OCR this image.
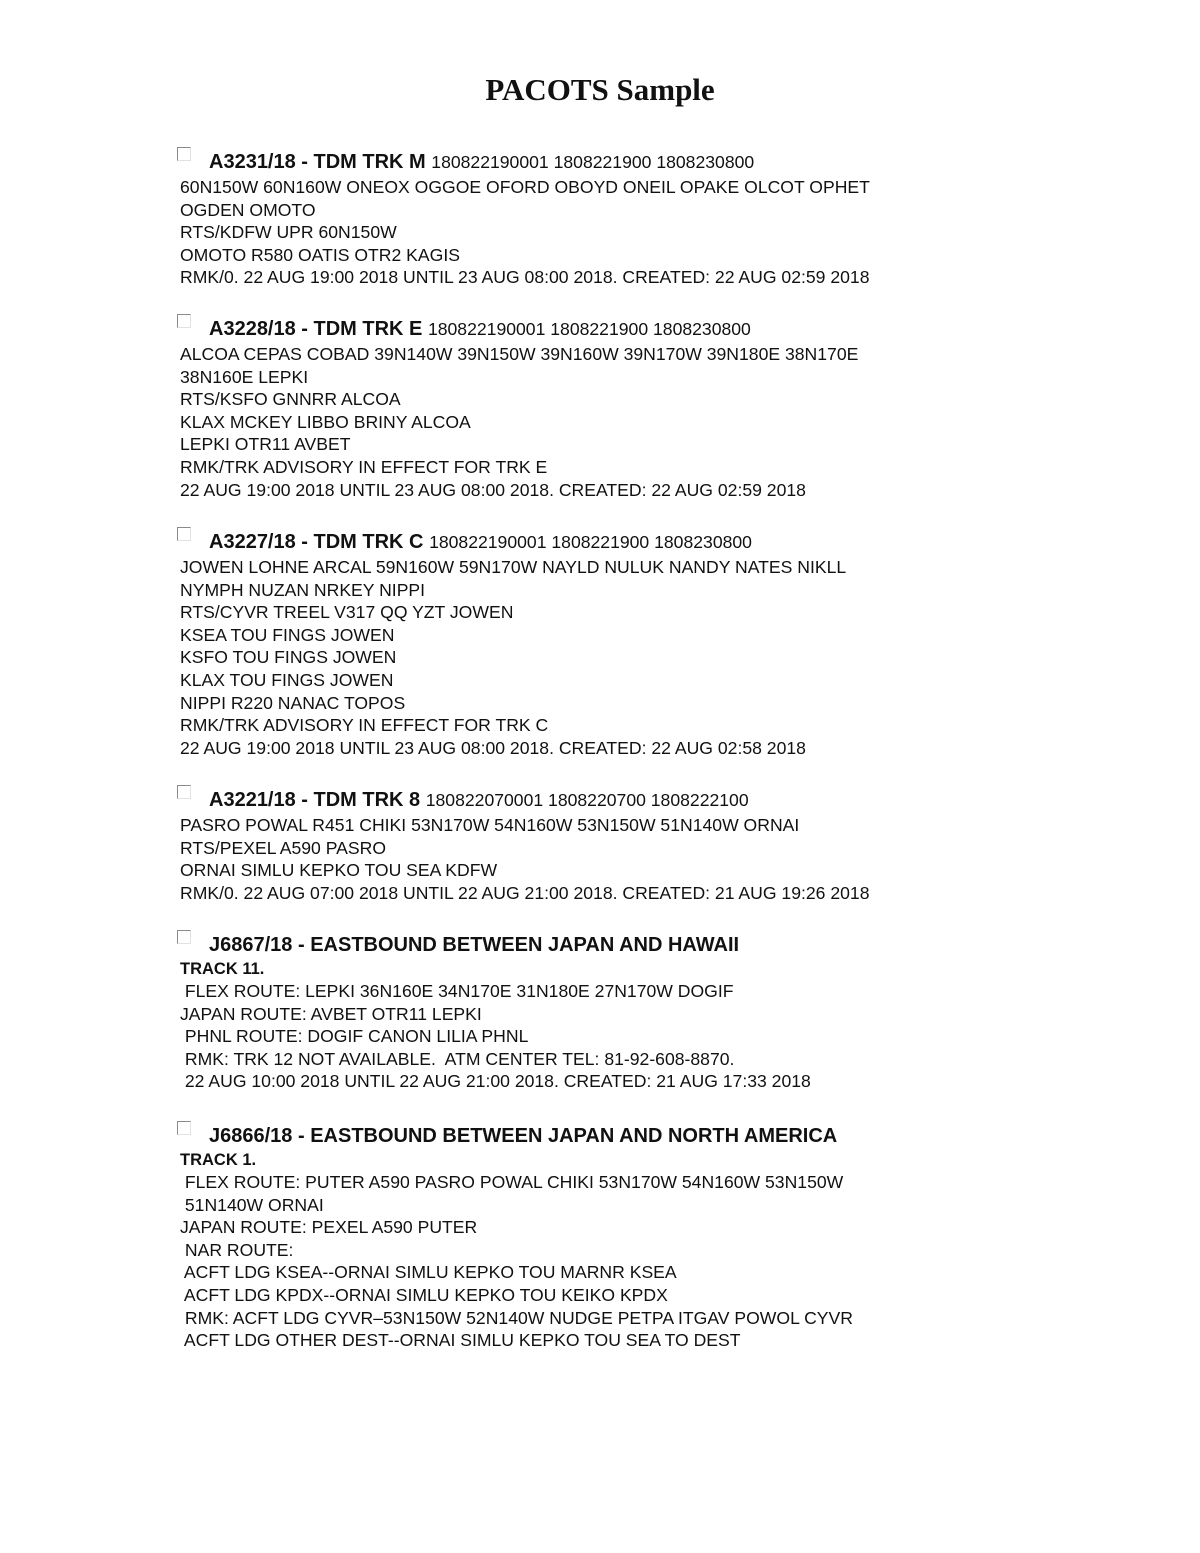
PACOTS Sample
A3231/18 - TDM TRK M 180822190001 1808221900 1808230800

60N150W 60N160W ONEOX OGGOE OFORD OBOYD ONEIL OPAKE OLCOT OPHET

OGDEN OMOTO

RTS/KDFW UPR 60N150W

OMOTO R580 OATIS OTR2 KAGIS

RMK/0. 22 AUG 19:00 2018 UNTIL 23 AUG 08:00 2018. CREATED: 22 AUG 02:59 2018

A3228/18 - TDM TRK E 180822190001 1808221900 1808230800

ALCOA CEPAS COBAD 39N140W 39N150W 39N160W 39N170W 39N180E 38N170E

38N160E LEPKI

RTS/KSFO GNNRR ALCOA

KLAX MCKEY LIBBO BRINY ALCOA

LEPKI OTR11 AVBET

RMK/TRK ADVISORY IN EFFECT FOR TRK E

22 AUG 19:00 2018 UNTIL 23 AUG 08:00 2018. CREATED: 22 AUG 02:59 2018

A3227/18 - TDM TRK C 180822190001 1808221900 1808230800

JOWEN LOHNE ARCAL 59N160W 59N170W NAYLD NULUK NANDY NATES NIKLL

NYMPH NUZAN NRKEY NIPPI

RTS/CYVR TREEL V317 QQ YZT JOWEN

KSEA TOU FINGS JOWEN

KSFO TOU FINGS JOWEN

KLAX TOU FINGS JOWEN

NIPPI R220 NANAC TOPOS

RMK/TRK ADVISORY IN EFFECT FOR TRK C

22 AUG 19:00 2018 UNTIL 23 AUG 08:00 2018. CREATED: 22 AUG 02:58 2018

A3221/18 - TDM TRK 8 180822070001 1808220700 1808222100

PASRO POWAL R451 CHIKI 53N170W 54N160W 53N150W 51N140W ORNAI

RTS/PEXEL A590 PASRO

ORNAI SIMLU KEPKO TOU SEA KDFW

RMK/0. 22 AUG 07:00 2018 UNTIL 22 AUG 21:00 2018. CREATED: 21 AUG 19:26 2018

J6867/18 - EASTBOUND BETWEEN JAPAN AND HAWAII

TRACK 11.

FLEX ROUTE: LEPKI 36N160E 34N170E 31N180E 27N170W DOGIF

JAPAN ROUTE: AVBET OTR11 LEPKI

PHNL ROUTE: DOGIF CANON LILIA PHNL

RMK: TRK 12 NOT AVAILABLE.  ATM CENTER TEL: 81-92-608-8870.

22 AUG 10:00 2018 UNTIL 22 AUG 21:00 2018. CREATED: 21 AUG 17:33 2018

J6866/18 - EASTBOUND BETWEEN JAPAN AND NORTH AMERICA

TRACK 1.

FLEX ROUTE: PUTER A590 PASRO POWAL CHIKI 53N170W 54N160W 53N150W

51N140W ORNAI

JAPAN ROUTE: PEXEL A590 PUTER

NAR ROUTE:

ACFT LDG KSEA--ORNAI SIMLU KEPKO TOU MARNR KSEA

ACFT LDG KPDX--ORNAI SIMLU KEPKO TOU KEIKO KPDX

RMK: ACFT LDG CYVR–53N150W 52N140W NUDGE PETPA ITGAV POWOL CYVR

ACFT LDG OTHER DEST--ORNAI SIMLU KEPKO TOU SEA TO DEST
